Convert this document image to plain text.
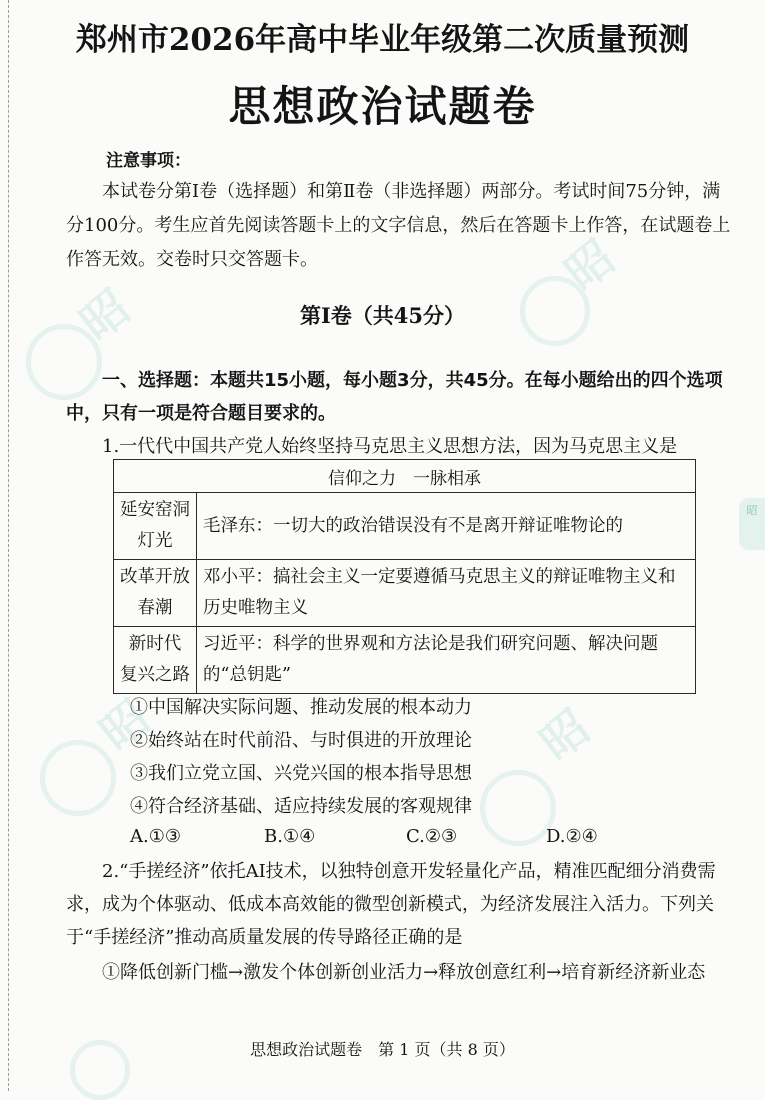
昭
昭
昭	昭
昭
郑州市2026年高中毕业年级第二次质量预测
思想政治试题卷
注意事项：

本试卷分第Ⅰ卷（选择题）和第Ⅱ卷（非选择题）两部分。考试时间75分钟，满分100分。考生应首先阅读答题卡上的文字信息，然后在答题卡上作答，在试题卷上作答无效。交卷时只交答题卡。

第Ⅰ卷（共45分）

一、选择题：本题共15小题，每小题3分，共45分。在每小题给出的四个选项中，只有一项是符合题目要求的。

1.一代代中国共产党人始终坚持马克思主义思想方法，因为马克思主义是

信仰之力　一脉相承	

延安窑洞
灯光	毛泽东：一切大的政治错误没有不是离开辩证唯物论的

改革开放
春潮	邓小平：搞社会主义一定要遵循马克思主义的辩证唯物主义和历史唯物主义

新时代
复兴之路	习近平：科学的世界观和方法论是我们研究问题、解决问题的“总钥匙”

①中国解决实际问题、推动发展的根本动力

②始终站在时代前沿、与时俱进的开放理论

③我们立党立国、兴党兴国的根本指导思想

④符合经济基础、适应持续发展的客观规律

A.①③	B.①④	C.②③	D.②④

2.“手搓经济”依托AI技术，以独特创意开发轻量化产品，精准匹配细分消费需求，成为个体驱动、低成本高效能的微型创新模式，为经济发展注入活力。下列关于“手搓经济”推动高质量发展的传导路径正确的是

①降低创新门槛→激发个体创新创业活力→释放创意红利→培育新经济新业态

思想政治试题卷　第 1 页（共 8 页）
